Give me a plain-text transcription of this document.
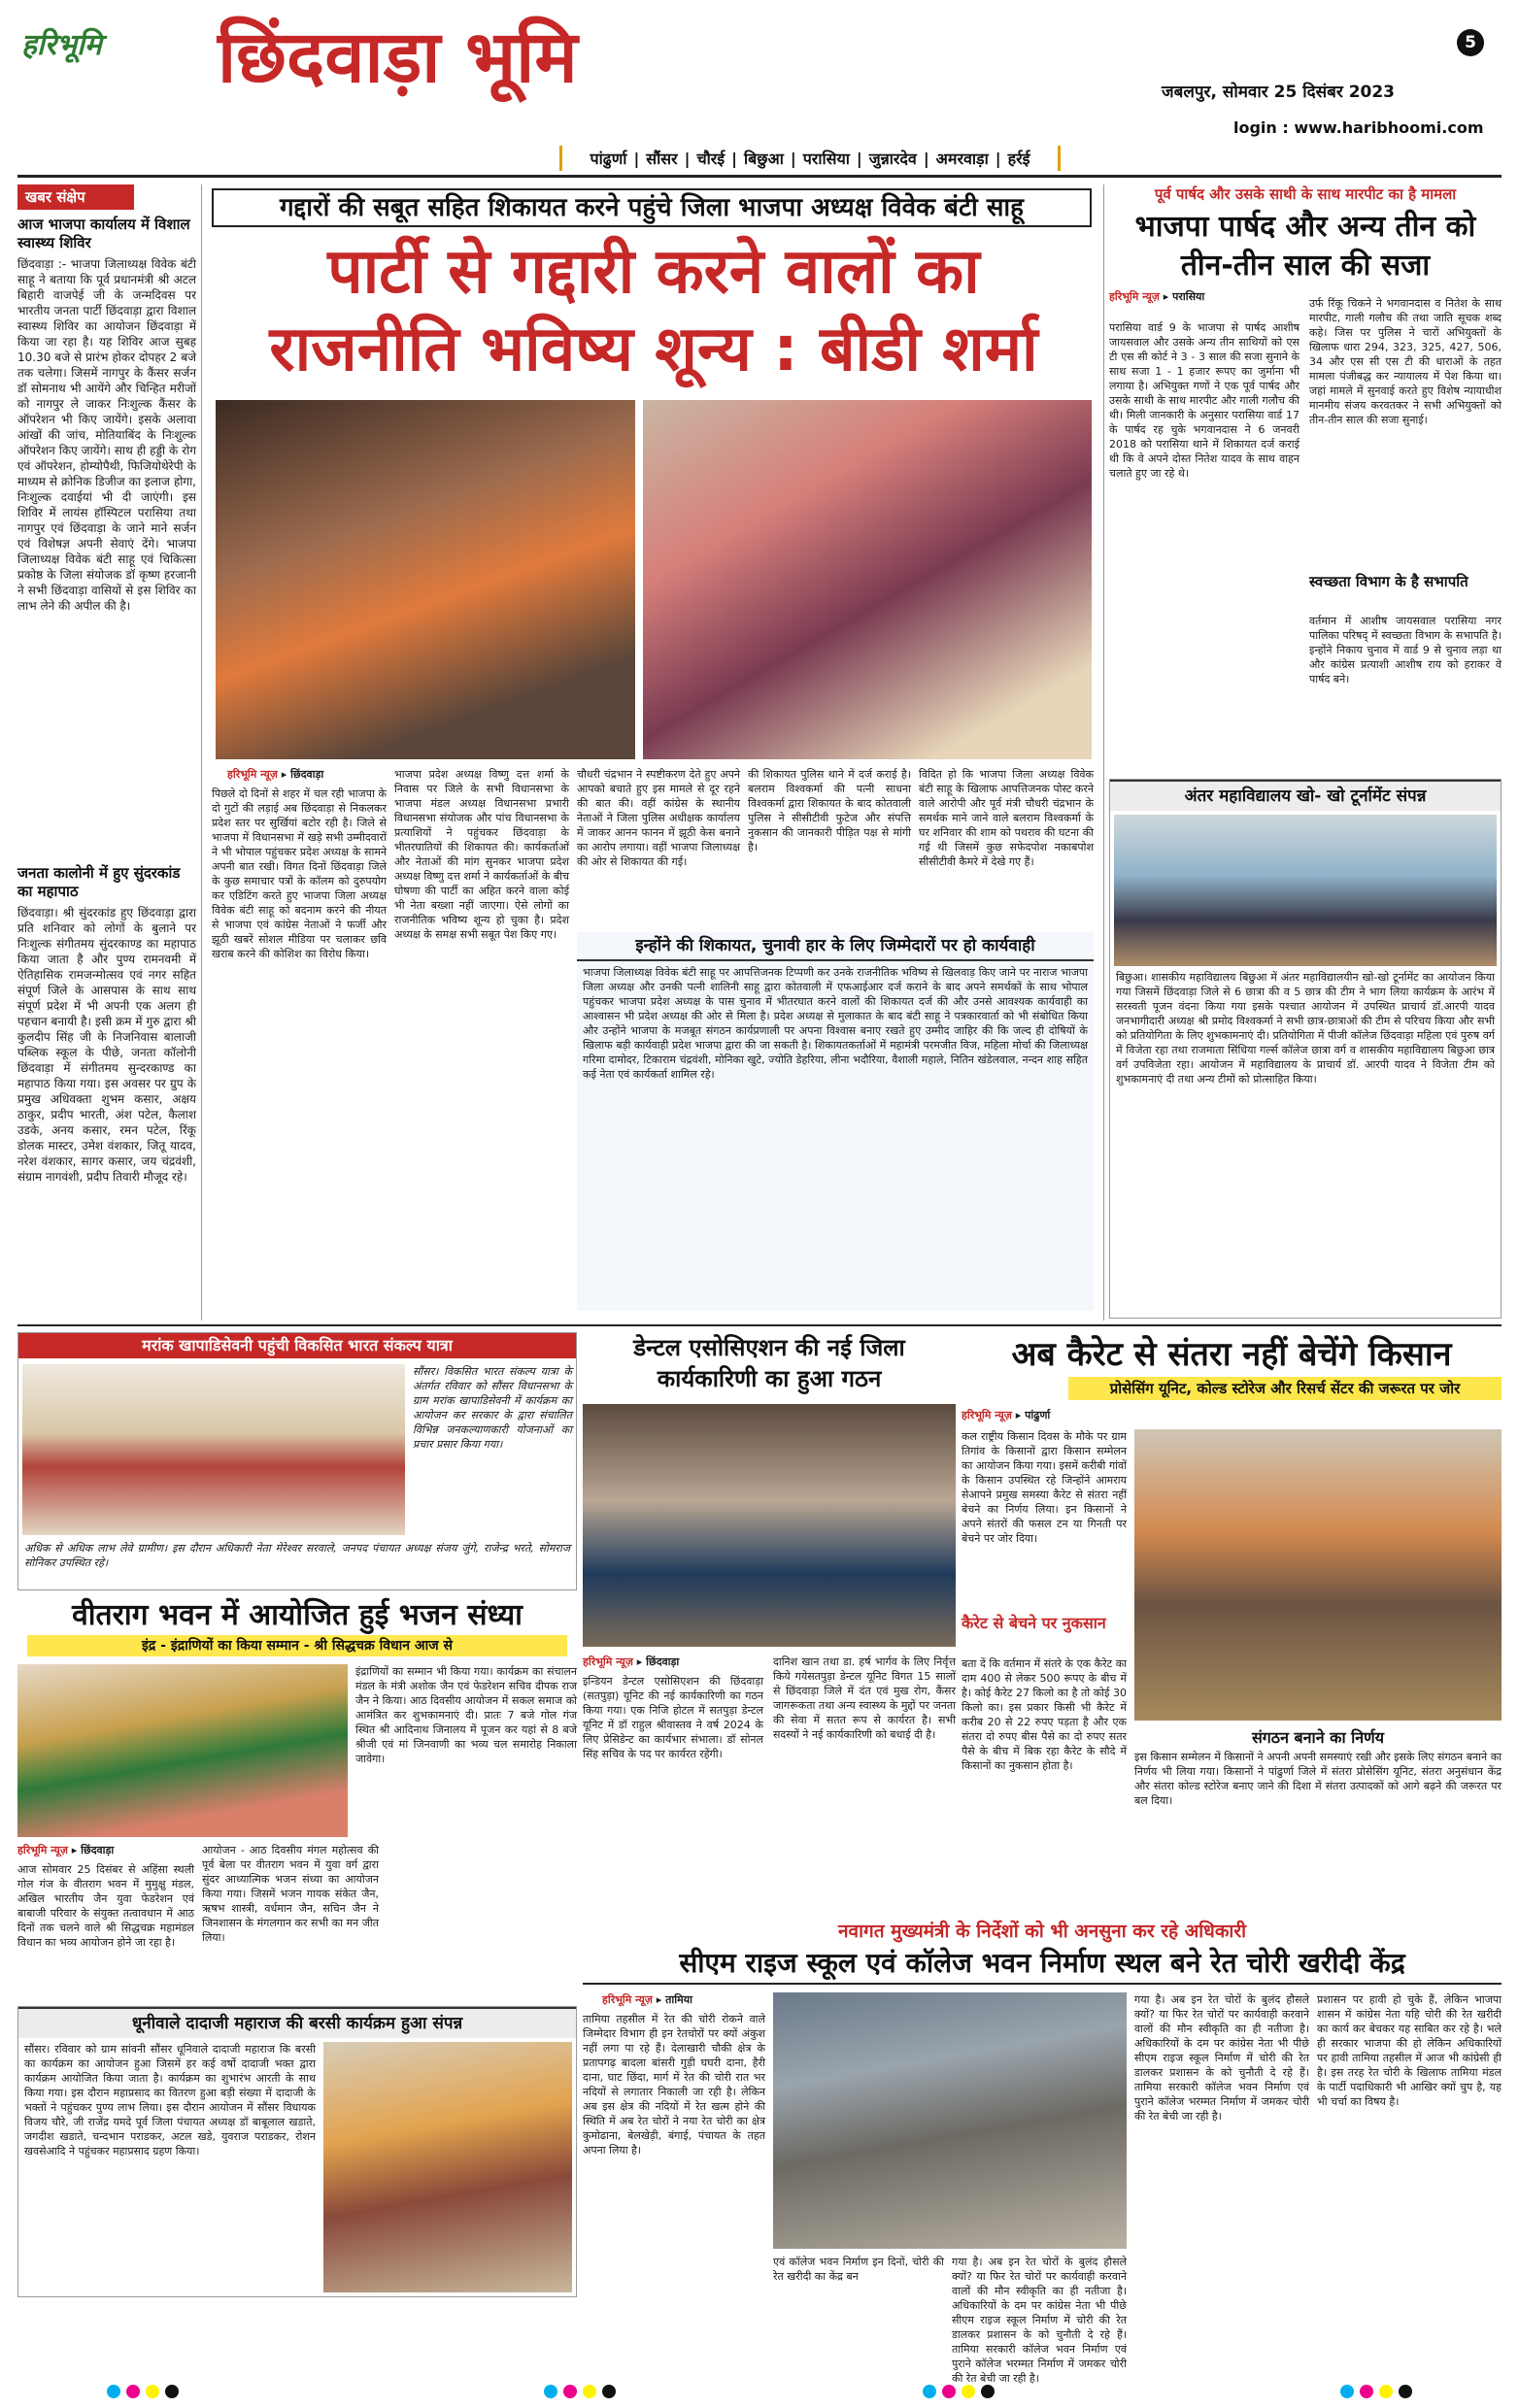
हरिभूमि छिंदवाड़ा भूमि	5
जबलपुर, सोमवार 25 दिसंबर 2023
login : www.haribhoomi.com
पांढुर्णा | सौंसर | चौरई | बिछुआ | परासिया | जुन्नारदेव | अमरवाड़ा | हर्रई
खबर संक्षेप
आज भाजपा कार्यालय में विशाल स्वास्थ्य शिविर
छिंदवाड़ा :- भाजपा जिलाध्यक्ष विवेक बंटी साहू ने बताया कि पूर्व प्रधानमंत्री श्री अटल बिहारी वाजपेई जी के जन्मदिवस पर भारतीय जनता पार्टी छिंदवाड़ा द्वारा विशाल स्वास्थ्य शिविर का आयोजन छिंदवाड़ा में किया जा रहा है। यह शिविर आज सुबह 10.30 बजे से प्रारंभ होकर दोपहर 2 बजे तक चलेगा। जिसमें नागपुर के कैंसर सर्जन डॉ सोमनाथ भी आयेंगे और चिन्हित मरीजों को नागपुर ले जाकर निःशुल्क कैंसर के ऑपरेशन भी किए जायेंगे। इसके अलावा आंखों की जांच, मोतियाबिंद के निःशुल्क ऑपरेशन किए जायेंगे। साथ ही हड्डी के रोग एवं ऑपरेशन, होम्योपैथी, फिजियोथेरेपी के माध्यम से क्रोनिक डिजीज का इलाज होगा, निःशुल्क दवाईयां भी दी जाएंगी। इस शिविर में लायंस हॉस्पिटल परासिया तथा नागपुर एवं छिंदवाड़ा के जाने माने सर्जन एवं विशेषज्ञ अपनी सेवाएं देंगे। भाजपा जिलाध्यक्ष विवेक बंटी साहू एवं चिकित्सा प्रकोष्ठ के जिला संयोजक डॉ कृष्ण हरजानी ने सभी छिंदवाड़ा वासियों से इस शिविर का लाभ लेने की अपील की है।
जनता कालोनी में हुए सुंदरकांड का महापाठ
छिंदवाड़ा। श्री सुंदरकांड हुए छिंदवाड़ा द्वारा प्रति शनिवार को लोगों के बुलाने पर निःशुल्क संगीतमय सुंदरकाण्ड का महापाठ किया जाता है और पुण्य रामनवमी में ऐतिहासिक रामजन्मोत्सव एवं नगर सहित संपूर्ण जिले के आसपास के साथ साथ संपूर्ण प्रदेश में भी अपनी एक अलग ही पहचान बनायी है। इसी क्रम में गुरु द्वारा श्री कुलदीप सिंह जी के निजनिवास बालाजी पब्लिक स्कूल के पीछे, जनता कॉलोनी छिंदवाड़ा में संगीतमय सुन्दरकाण्ड का महापाठ किया गया। इस अवसर पर ग्रुप के प्रमुख अधिवक्ता शुभम कसार, अक्षय ठाकुर, प्रदीप भारती, अंश पटेल, कैलाश उडके, अनय कसार, रमन पटेल, रिंकू डोलक मास्टर, उमेश वंशकार, जितू यादव, नरेश वंशकार, सागर कसार, जय चंद्रवंशी, संग्राम नागवंशी, प्रदीप तिवारी मौजूद रहे।
गद्दारों की सबूत सहित शिकायत करने पहुंचे जिला भाजपा अध्यक्ष विवेक बंटी साहू
पार्टी से गद्दारी करने वालों का
राजनीति भविष्य शून्य : बीडी शर्मा
हरिभूमि न्यूज़ ▸ छिंदवाड़ा
पिछले दो दिनों से शहर में चल रही भाजपा के दो गुटों की लड़ाई अब छिंदवाड़ा से निकलकर प्रदेश स्तर पर सुर्खियां बटोर रही है। जिले से भाजपा में विधानसभा में खड़े सभी उम्मीदवारों ने भी भोपाल पहुंचकर प्रदेश अध्यक्ष के सामने अपनी बात रखी। विगत दिनों छिंदवाड़ा जिले के कुछ समाचार पत्रों के कॉलम को दुरुपयोग कर एडिटिंग करते हुए भाजपा जिला अध्यक्ष विवेक बंटी साहू को बदनाम करने की नीयत से भाजपा एवं कांग्रेस नेताओं ने फर्जी और झूठी खबरें सोशल मीडिया पर चलाकर छवि खराब करने की कोशिश का विरोध किया।
भाजपा प्रदेश अध्यक्ष विष्णु दत्त शर्मा के निवास पर जिले के सभी विधानसभा के भाजपा मंडल अध्यक्ष विधानसभा प्रभारी विधानसभा संयोजक और पांच विधानसभा के प्रत्याशियों ने पहुंचकर छिंदवाड़ा के भीतरघातियों की शिकायत की। कार्यकर्ताओं और नेताओं की मांग सुनकर भाजपा प्रदेश अध्यक्ष विष्णु दत्त शर्मा ने कार्यकर्ताओं के बीच घोषणा की पार्टी का अहित करने वाला कोई भी नेता बख्शा नहीं जाएगा। ऐसे लोगों का राजनीतिक भविष्य शून्य हो चुका है। प्रदेश अध्यक्ष के समक्ष सभी सबूत पेश किए गए।
चौधरी चंद्रभान ने स्पष्टीकरण देते हुए अपने आपको बचाते हुए इस मामले से दूर रहने की बात की। वहीं कांग्रेस के स्थानीय नेताओं ने जिला पुलिस अधीक्षक कार्यालय में जाकर आनन फानन में झूठी केस बनाने का आरोप लगाया। वहीं भाजपा जिलाध्यक्ष की ओर से शिकायत की गई।
की शिकायत पुलिस थाने में दर्ज कराई है। बलराम विश्वकर्मा की पत्नी साधना विश्वकर्मा द्वारा शिकायत के बाद कोतवाली पुलिस ने सीसीटीवी फुटेज और संपत्ति नुकसान की जानकारी पीड़ित पक्ष से मांगी है।
विदित हो कि भाजपा जिला अध्यक्ष विवेक बंटी साहू के खिलाफ आपत्तिजनक पोस्ट करने वाले आरोपी और पूर्व मंत्री चौधरी चंद्रभान के समर्थक माने जाने वाले बलराम विश्वकर्मा के घर शनिवार की शाम को पथराव की घटना की गई थी जिसमें कुछ सफेदपोश नकाबपोश सीसीटीवी कैमरे में देखे गए हैं।
इन्होंने की शिकायत, चुनावी हार के लिए जिम्मेदारों पर हो कार्यवाही
भाजपा जिलाध्यक्ष विवेक बंटी साहू पर आपत्तिजनक टिप्पणी कर उनके राजनीतिक भविष्य से खिलवाड़ किए जाने पर नाराज भाजपा जिला अध्यक्ष और उनकी पत्नी शालिनी साहू द्वारा कोतवाली में एफआईआर दर्ज कराने के बाद अपने समर्थकों के साथ भोपाल पहुंचकर भाजपा प्रदेश अध्यक्ष के पास चुनाव में भीतरघात करने वालों की शिकायत दर्ज की और उनसे आवश्यक कार्यवाही का आश्वासन भी प्रदेश अध्यक्ष की ओर से मिला है। प्रदेश अध्यक्ष से मुलाकात के बाद बंटी साहू ने पत्रकारवार्ता को भी संबोधित किया और उन्होंने भाजपा के मजबूत संगठन कार्यप्रणाली पर अपना विश्वास बनाए रखते हुए उम्मीद जाहिर की कि जल्द ही दोषियों के खिलाफ बड़ी कार्यवाही प्रदेश भाजपा द्वारा की जा सकती है। शिकायतकर्ताओं में महामंत्री परमजीत विज, महिला मोर्चा की जिलाध्यक्ष गरिमा दामोदर, टिकाराम चंद्रवंशी, मोनिका खुटे, ज्योति डेहरिया, लीना भदौरिया, वैशाली महाले, नितिन खंडेलवाल, नन्दन शाह सहित कई नेता एवं कार्यकर्ता शामिल रहे।
पूर्व पार्षद और उसके साथी के साथ मारपीट का है मामला
भाजपा पार्षद और अन्य तीन को तीन-तीन साल की सजा
हरिभूमि न्यूज़ ▸ परासिया
परासिया वार्ड 9 के भाजपा से पार्षद आशीष जायसवाल और उसके अन्य तीन साथियों को एस टी एस सी कोर्ट ने 3 - 3 साल की सजा सुनाने के साथ सजा 1 - 1 हजार रूपए का जुर्माना भी लगाया है। अभियुक्त गणों ने एक पूर्व पार्षद और उसके साथी के साथ मारपीट और गाली गलौच की थी। मिली जानकारी के अनुसार परासिया वार्ड 17 के पार्षद रह चुके भगवानदास ने 6 जनवरी 2018 को परासिया थाने में शिकायत दर्ज कराई थी कि वे अपने दोस्त नितेश यादव के साथ वाहन चलाते हुए जा रहे थे।
उर्फ रिंकू चिकने ने भगवानदास व नितेश के साथ मारपीट, गाली गलौच की तथा जाति सूचक शब्द कहे। जिस पर पुलिस ने चारों अभियुक्तों के खिलाफ धारा 294, 323, 325, 427, 506, 34 और एस सी एस टी की धाराओं के तहत मामला पंजीबद्ध कर न्यायालय में पेश किया था। जहां मामले में सुनवाई करते हुए विशेष न्यायाधीश मानमीय संजय करवतकर ने सभी अभियुक्तों को तीन-तीन साल की सजा सुनाई।
स्वच्छता विभाग के है सभापति
वर्तमान में आशीष जायसवाल परासिया नगर पालिका परिषद् में स्वच्छता विभाग के सभापति है। इन्होंने निकाय चुनाव में वार्ड 9 से चुनाव लड़ा था और कांग्रेस प्रत्याशी आशीष राय को हराकर वे पार्षद बने।
अंतर महाविद्यालय खो- खो टूर्नामेंट संपन्न
बिछुआ। शासकीय महाविद्यालय बिछुआ में अंतर महाविद्यालयीन खो-खो टूर्नामेंट का आयोजन किया गया जिसमें छिंदवाड़ा जिले से 6 छात्रा की व 5 छात्र की टीम ने भाग लिया कार्यक्रम के आरंभ में सरस्वती पूजन वंदना किया गया इसके पश्चात आयोजन में उपस्थित प्राचार्य डॉ.आरपी यादव जनभागीदारी अध्यक्ष श्री प्रमोद विश्वकर्मा ने सभी छात्र-छात्राओं की टीम से परिचय किया और सभी को प्रतियोगिता के लिए शुभकामनाएं दी। प्रतियोगिता में पीजी कॉलेज छिंदवाड़ा महिला एवं पुरुष वर्ग में विजेता रहा तथा राजमाता सिंधिया गर्ल्स कॉलेज छात्रा वर्ग व शासकीय महाविद्यालय बिछुआ छात्र वर्ग उपविजेता रहा। आयोजन में महाविद्यालय के प्राचार्य डॉ. आरपी यादव ने विजेता टीम को शुभकामनाएं दी तथा अन्य टीमों को प्रोत्साहित किया।
मरांक खापाडिसेवनी पहुंची विकसित भारत संकल्प यात्रा
सौंसर। विकसित भारत संकल्प यात्रा के अंतर्गत रविवार को सौंसर विधानसभा के ग्राम मरांक खापाडिसेवनी में कार्यक्रम का आयोजन कर सरकार के द्वारा संचालित विभिन्न जनकल्याणकारी योजनाओं का प्रचार प्रसार किया गया।
अधिक से अधिक लाभ लेवे ग्रामीण। इस दौरान अधिकारी नेता मेरेश्वर सरवाले, जनपद पंचायत अध्यक्ष संजय जुंगे, राजेन्द्र भरते, सोमराज सोनिकर उपस्थित रहे।
डेन्टल एसोसिएशन की नई जिला कार्यकारिणी का हुआ गठन
हरिभूमि न्यूज़ ▸ छिंदवाड़ा
इन्डियन डेन्टल एसोसिएशन की छिंदवाड़ा (सतपुड़ा) यूनिट की नई कार्यकारिणी का गठन किया गया। एक निजि होटल में सतपुड़ा डेन्टल यूनिट में डॉ राहुल श्रीवास्तव ने वर्ष 2024 के लिए प्रेसिडेन्ट का कार्यभार संभाला। डॉ सोनल सिंह सचिव के पद पर कार्यरत रहेंगी।
दानिश खान तथा डा. हर्ष भार्गव के लिए निर्वृत्त किये गयेसतपुड़ा डेन्टल यूनिट विगत 15 सालों से छिंदवाड़ा जिले में दंत एवं मुख रोग, कैंसर जागरूकता तथा अन्य स्वास्थ्य के मुद्दों पर जनता की सेवा में सतत रूप से कार्यरत है। सभी सदस्यों ने नई कार्यकारिणी को बधाई दी है।
अब कैरेट से संतरा नहीं बेचेंगे किसान
प्रोसेसिंग यूनिट, कोल्ड स्टोरेज और रिसर्च सेंटर की जरूरत पर जोर
हरिभूमि न्यूज़ ▸ पांढुर्णा
कल राष्ट्रीय किसान दिवस के मौके पर ग्राम तिगांव के किसानों द्वारा किसान सम्मेलन का आयोजन किया गया। इसमें करीबी गांवों के किसान उपस्थित रहे जिन्होंने आमराय सेआपने प्रमुख समस्या कैरेट से संतरा नहीं बेचने का निर्णय लिया। इन किसानों ने अपने संतरों की फसल टन या गिनती पर बेचने पर जोर दिया।
कैरेट से बेचने पर नुकसान
बता दें कि वर्तमान में संतरे के एक कैरेट का दाम 400 से लेकर 500 रूपए के बीच में है। कोई कैरेट 27 किलो का है तो कोई 30 किलो का। इस प्रकार किसी भी कैरेट में करीब 20 से 22 रुपए पड़ता है और एक संतरा दो रुपए बीस पैसे का दो रुपए सतर पैसे के बीच में बिक रहा कैरेट के सौदे में किसानों का नुकसान होता है।
संगठन बनाने का निर्णय
इस किसान सम्मेलन में किसानों ने अपनी अपनी समस्याएं रखी और इसके लिए संगठन बनाने का निर्णय भी लिया गया। किसानों ने पांढुर्णा जिले में संतरा प्रोसेसिंग यूनिट, संतरा अनुसंधान केंद्र और संतरा कोल्ड स्टोरेज बनाए जाने की दिशा में संतरा उत्पादकों को आगे बढ़ने की जरूरत पर बल दिया।
वीतराग भवन में आयोजित हुई भजन संध्या
इंद्र - इंद्राणियों का किया सम्मान - श्री सिद्धचक्र विधान आज से
इंद्राणियों का सम्मान भी किया गया। कार्यक्रम का संचालन मंडल के मंत्री अशोक जैन एवं फेडरेशन सचिव दीपक राज जैन ने किया। आठ दिवसीय आयोजन में सकल समाज को आमंत्रित कर शुभकामनाएं दी। प्रातः 7 बजे गोल गंज स्थित श्री आदिनाथ जिनालय में पूजन कर यहां से 8 बजे श्रीजी एवं मां जिनवाणी का भव्य चल समारोह निकाला जावेगा।
हरिभूमि न्यूज़ ▸ छिंदवाड़ा
आज सोमवार 25 दिसंबर से अहिंसा स्थली गोल गंज के वीतराग भवन में मुमुक्षु मंडल, अखिल भारतीय जैन युवा फेडरेशन एवं बाबाजी परिवार के संयुक्त तत्वावधान में आठ दिनों तक चलने वाले श्री सिद्धचक्र महामंडल विधान का भव्य आयोजन होने जा रहा है।
आयोजन - आठ दिवसीय मंगल महोत्सव की पूर्व बेला पर वीतराग भवन में युवा वर्ग द्वारा सुंदर आध्यात्मिक भजन संध्या का आयोजन किया गया। जिसमें भजन गायक संकेत जैन, ऋषभ शास्त्री, वर्धमान जैन, सचिन जैन ने जिनशासन के मंगलगान कर सभी का मन जीत लिया।
धूनीवाले दादाजी महाराज की बरसी कार्यक्रम हुआ संपन्न
सौंसर। रविवार को ग्राम सांवनी सौंसर धूनिवाले दादाजी महाराज कि बरसी का कार्यक्रम का आयोजन हुआ जिसमें हर कई वर्षो दादाजी भक्त द्वारा कार्यक्रम आयोजित किया जाता है। कार्यक्रम का शुभारंभ आरती के साथ किया गया। इस दौरान महाप्रसाद का वितरण हुआ बड़ी संख्या में दादाजी के भक्तों ने पहुंचकर पुण्य लाभ लिया। इस दौरान आयोजन में सौंसर विधायक विजय चौरे, जी राजेंद्र यमदे पूर्व जिला पंचायत अध्यक्ष डॉ बाबूलाल खडाते, जगदीश खडाते, चन्दभान पराडकर, अटल खडे, युवराज पराडकर, रोशन खवसेआदि ने पहुंचकर महाप्रसाद ग्रहण किया।
नवागत मुख्यमंत्री के निर्देशों को भी अनसुना कर रहे अधिकारी
सीएम राइज स्कूल एवं कॉलेज भवन निर्माण स्थल बने रेत चोरी खरीदी केंद्र
हरिभूमि न्यूज़ ▸ तामिया
तामिया तहसील में रेत की चोरी रोकने वाले जिम्मेदार विभाग ही इन रेतचोरों पर क्यों अंकुश नहीं लगा पा रहे हैं। देलाखारी चौकी क्षेत्र के प्रतापगढ़ बादला बांसरी गुड़ी घघरी दाना, हैरी दाना, घाट छिंदा, मार्ग में रेत की चोरी रात भर नदियों से लगातार निकाली जा रही है। लेकिन अब इस क्षेत्र की नदियों में रेत खत्म होने की स्थिति में अब रेत चोरों ने नया रेत चोरी का क्षेत्र कुमोढाना, बेलखेड़ी, बंगाई, पंचायत के तहत अपना लिया है।
एवं कॉलेज भवन निर्माण इन दिनों, चोरी की रेत खरीदी का केंद्र बन
गया है। अब इन रेत चोरों के बुलंद हौसले क्यों? या फिर रेत चोरों पर कार्यवाही करवाने वालों की मौन स्वीकृति का ही नतीजा है। अधिकारियों के दम पर कांग्रेस नेता भी पीछे सीएम राइज स्कूल निर्माण में चोरी की रेत डालकर प्रशासन के को चुनौती दे रहे हैं। तामिया सरकारी कॉलेज भवन निर्माण एवं पुराने कॉलेज भरम्मत निर्माण में जमकर चोरी की रेत बेची जा रही है।
गया है। अब इन रेत चोरों के बुलंद हौसले क्यों? या फिर रेत चोरों पर कार्यवाही करवाने वालों की मौन स्वीकृति का ही नतीजा है। अधिकारियों के दम पर कांग्रेस नेता भी पीछे सीएम राइज स्कूल निर्माण में चोरी की रेत डालकर प्रशासन के को चुनौती दे रहे हैं। तामिया सरकारी कॉलेज भवन निर्माण एवं पुराने कॉलेज भरम्मत निर्माण में जमकर चोरी की रेत बेची जा रही है।
प्रशासन पर हावी हो चुके हैं, लेकिन भाजपा शासन में कांग्रेस नेता यहि चोरी की रेत खरीदी का कार्य कर बेचकर यह साबित कर रहे है। भले ही सरकार भाजपा की हो लेकिन अधिकारियों पर हावी तामिया तहसील में आज भी कांग्रेसी ही है। इस तरह रेत चोरी के खिलाफ तामिया मंडल के पार्टी पदाधिकारी भी आखिर क्यों चुप है, यह भी चर्चा का विषय है।
